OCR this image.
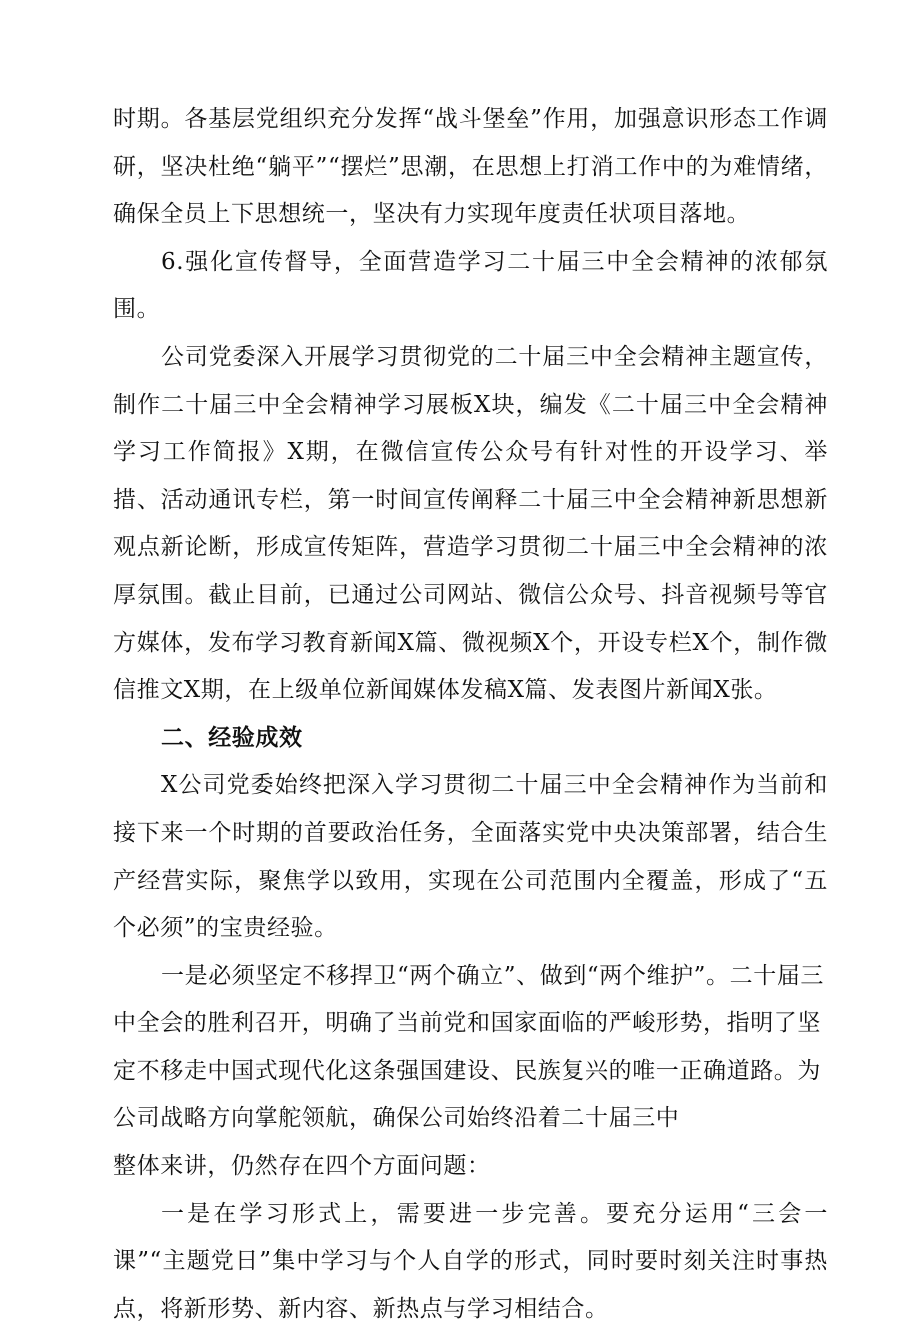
时期。各基层党组织充分发挥“战斗堡垒”作用，加强意识形态工作调研，坚决杜绝“躺平”“摆烂”思潮，在思想上打消工作中的为难情绪，确保全员上下思想统一，坚决有力实现年度责任状项目落地。

6.强化宣传督导，全面营造学习二十届三中全会精神的浓郁氛围。

公司党委深入开展学习贯彻党的二十届三中全会精神主题宣传，制作二十届三中全会精神学习展板X块，编发《二十届三中全会精神学习工作简报》X期，在微信宣传公众号有针对性的开设学习、举措、活动通讯专栏，第一时间宣传阐释二十届三中全会精神新思想新观点新论断，形成宣传矩阵，营造学习贯彻二十届三中全会精神的浓厚氛围。截止目前，已通过公司网站、微信公众号、抖音视频号等官方媒体，发布学习教育新闻X篇、微视频X个，开设专栏X个，制作微信推文X期，在上级单位新闻媒体发稿X篇、发表图片新闻X张。

二、经验成效

X公司党委始终把深入学习贯彻二十届三中全会精神作为当前和接下来一个时期的首要政治任务，全面落实党中央决策部署，结合生产经营实际，聚焦学以致用，实现在公司范围内全覆盖，形成了“五个必须”的宝贵经验。

一是必须坚定不移捍卫“两个确立”、做到“两个维护”。二十届三中全会的胜利召开，明确了当前党和国家面临的严峻形势，指明了坚定不移走中国式现代化这条强国建设、民族复兴的唯一正确道路。为公司战略方向掌舵领航，确保公司始终沿着二十届三中

整体来讲，仍然存在四个方面问题：

一是在学习形式上，需要进一步完善。要充分运用“三会一课”“主题党日”集中学习与个人自学的形式，同时要时刻关注时事热点，将新形势、新内容、新热点与学习相结合。
